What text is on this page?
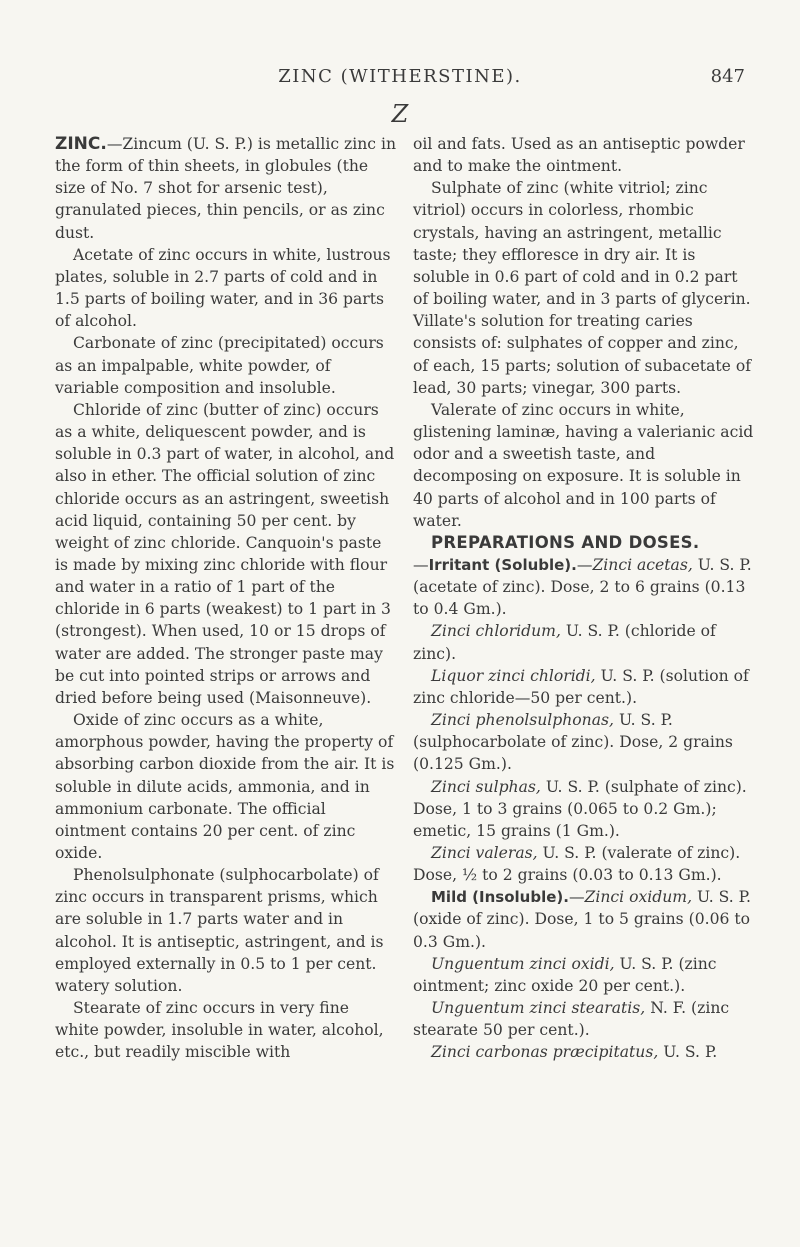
ZINC (WITHERSTINE).	847
Z

ZINC.—Zincum (U. S. P.) is metallic zinc in the form of thin sheets, in globules (the size of No. 7 shot for arsenic test), granulated pieces, thin pencils, or as zinc dust.

Acetate of zinc occurs in white, lustrous plates, soluble in 2.7 parts of cold and in 1.5 parts of boiling water, and in 36 parts of alcohol.

Carbonate of zinc (precipitated) occurs as an impalpable, white powder, of variable composition and insoluble.

Chloride of zinc (butter of zinc) occurs as a white, deliquescent powder, and is soluble in 0.3 part of water, in alcohol, and also in ether. The official solution of zinc chloride occurs as an astringent, sweetish acid liquid, containing 50 per cent. by weight of zinc chloride. Canquoin's paste is made by mixing zinc chloride with flour and water in a ratio of 1 part of the chloride in 6 parts (weakest) to 1 part in 3 (strongest). When used, 10 or 15 drops of water are added. The stronger paste may be cut into pointed strips or arrows and dried before being used (Maisonneuve).

Oxide of zinc occurs as a white, amorphous powder, having the property of absorbing carbon dioxide from the air. It is soluble in dilute acids, ammonia, and in ammonium carbonate. The official ointment contains 20 per cent. of zinc oxide.

Phenolsulphonate (sulphocarbolate) of zinc occurs in transparent prisms, which are soluble in 1.7 parts water and in alcohol. It is antiseptic, astringent, and is employed externally in 0.5 to 1 per cent. watery solution.

Stearate of zinc occurs in very fine white powder, insoluble in water, alcohol, etc., but readily miscible with

oil and fats. Used as an antiseptic powder and to make the ointment.

Sulphate of zinc (white vitriol; zinc vitriol) occurs in colorless, rhombic crystals, having an astringent, metallic taste; they effloresce in dry air. It is soluble in 0.6 part of cold and in 0.2 part of boiling water, and in 3 parts of glycerin. Villate's solution for treating caries consists of: sulphates of copper and zinc, of each, 15 parts; solution of subacetate of lead, 30 parts; vinegar, 300 parts.

Valerate of zinc occurs in white, glistening laminæ, having a valerianic acid odor and a sweetish taste, and decomposing on exposure. It is soluble in 40 parts of alcohol and in 100 parts of water.

PREPARATIONS AND DOSES.

—Irritant (Soluble).—Zinci acetas, U. S. P. (acetate of zinc). Dose, 2 to 6 grains (0.13 to 0.4 Gm.).

Zinci chloridum, U. S. P. (chloride of zinc).

Liquor zinci chloridi, U. S. P. (solution of zinc chloride—50 per cent.).

Zinci phenolsulphonas, U. S. P. (sulphocarbolate of zinc). Dose, 2 grains (0.125 Gm.).

Zinci sulphas, U. S. P. (sulphate of zinc). Dose, 1 to 3 grains (0.065 to 0.2 Gm.); emetic, 15 grains (1 Gm.).

Zinci valeras, U. S. P. (valerate of zinc). Dose, ½ to 2 grains (0.03 to 0.13 Gm.).

Mild (Insoluble).—Zinci oxidum, U. S. P. (oxide of zinc). Dose, 1 to 5 grains (0.06 to 0.3 Gm.).

Unguentum zinci oxidi, U. S. P. (zinc ointment; zinc oxide 20 per cent.).

Unguentum zinci stearatis, N. F. (zinc stearate 50 per cent.).

Zinci carbonas præcipitatus, U. S. P.
